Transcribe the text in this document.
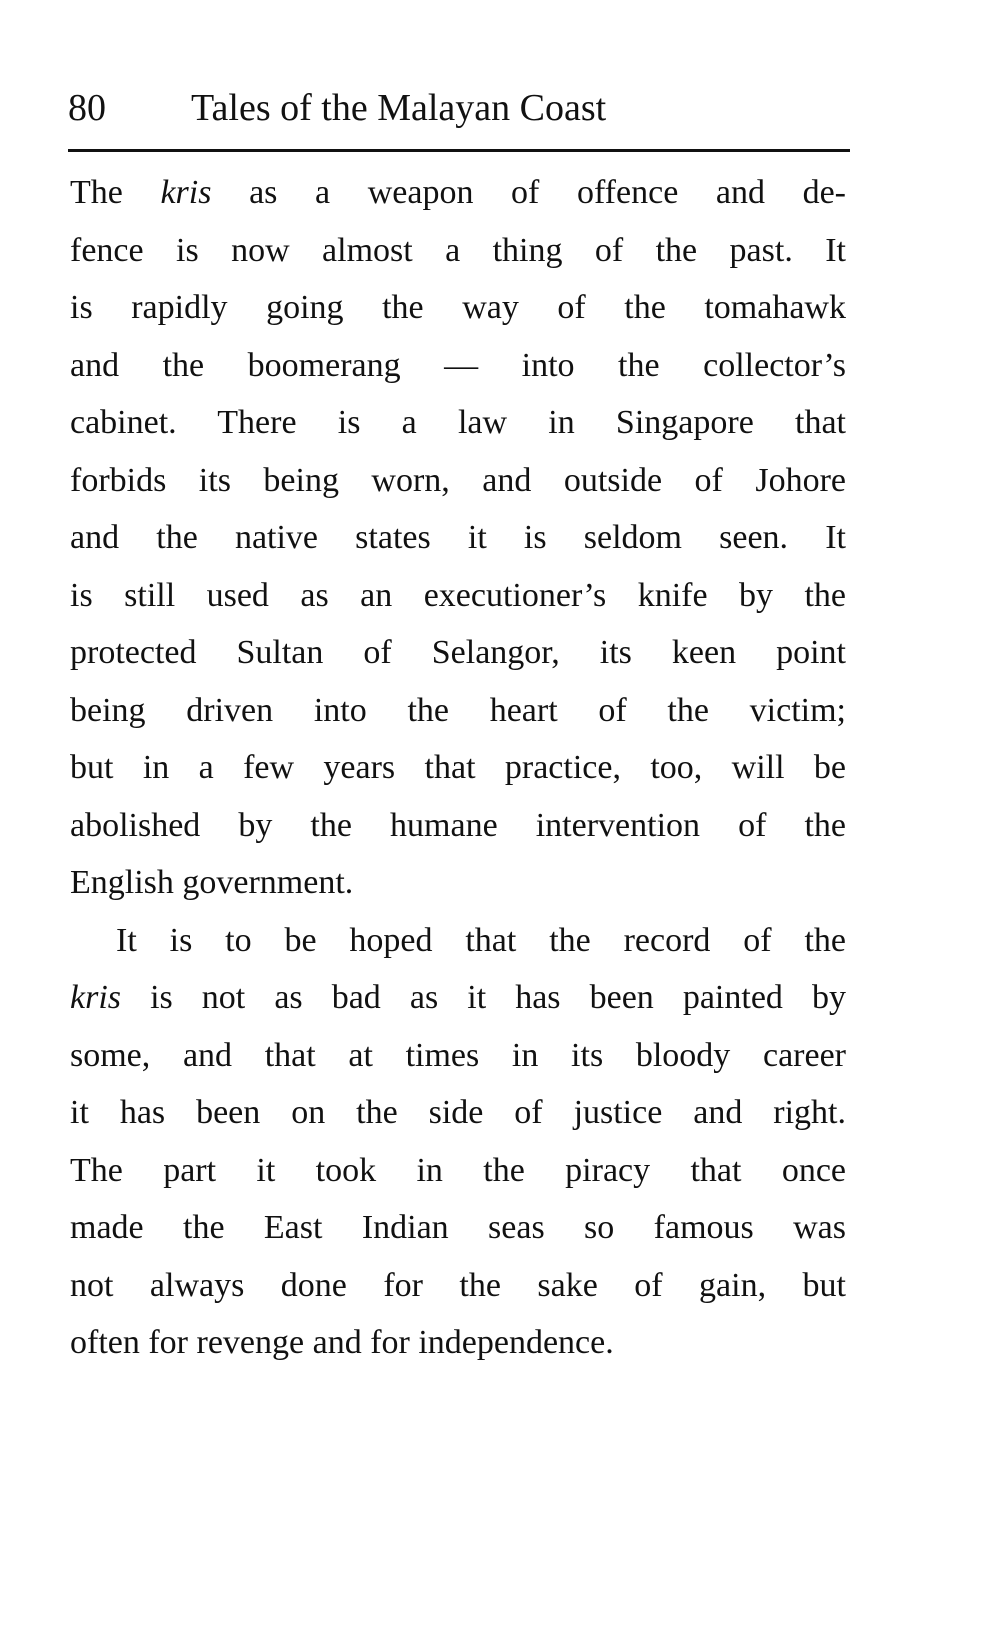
80 Tales of the Malayan Coast
The kris as a weapon of offence and de-
fence is now almost a thing of the past. It
is rapidly going the way of the tomahawk
and the boomerang — into the collector’s
cabinet. There is a law in Singapore that
forbids its being worn, and outside of Johore
and the native states it is seldom seen. It
is still used as an executioner’s knife by the
protected Sultan of Selangor, its keen point
being driven into the heart of the victim;
but in a few years that practice, too, will be
abolished by the humane intervention of the
English government.
It is to be hoped that the record of the
kris is not as bad as it has been painted by
some, and that at times in its bloody career
it has been on the side of justice and right.
The part it took in the piracy that once
made the East Indian seas so famous was
not always done for the sake of gain, but
often for revenge and for independence.
